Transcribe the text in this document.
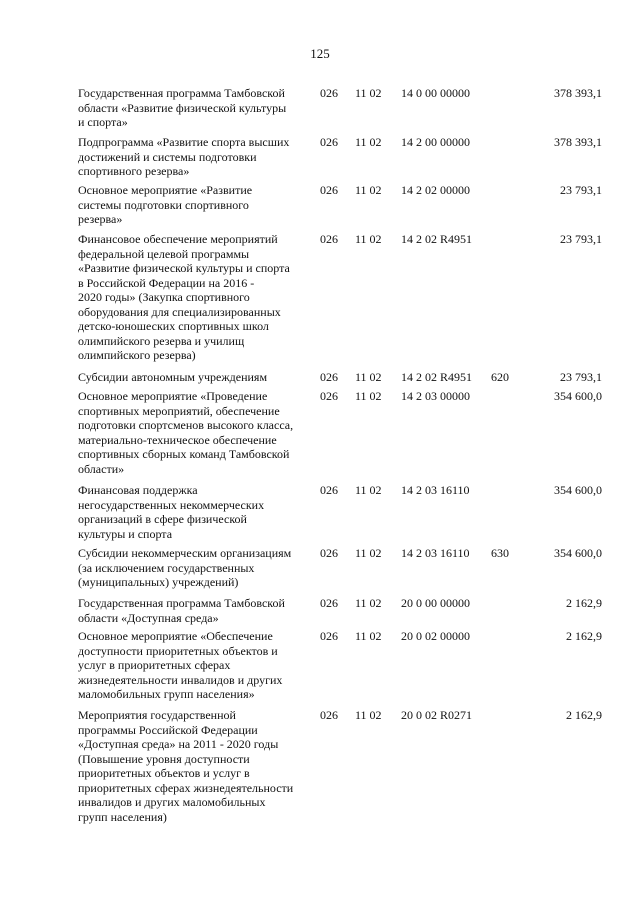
125
Государственная программа Тамбовской
области «Развитие физической культуры
и спорта»
026 11 02 14 0 00 00000	378 393,1
Подпрограмма «Развитие спорта высших
достижений и системы подготовки
спортивного резерва»
026 11 02 14 2 00 00000	378 393,1
Основное мероприятие «Развитие
системы подготовки спортивного
резерва»
026 11 02 14 2 02 00000	23 793,1
Финансовое обеспечение мероприятий
федеральной целевой программы
«Развитие физической культуры и спорта
в Российской Федерации на 2016 -
2020 годы» (Закупка спортивного
оборудования для специализированных
детско-юношеских спортивных школ
олимпийского резерва и училищ
олимпийского резерва)
026 11 02 14 2 02 R4951	23 793,1
Субсидии автономным учреждениям	026 11 02 14 2 02 R4951 620	23 793,1
Основное мероприятие «Проведение
спортивных мероприятий, обеспечение
подготовки спортсменов высокого класса,
материально-техническое обеспечение
спортивных сборных команд Тамбовской
области»
026 11 02 14 2 03 00000	354 600,0
Финансовая поддержка
негосударственных некоммерческих
организаций в сфере физической
культуры и спорта
026 11 02 14 2 03 16110	354 600,0
Субсидии некоммерческим организациям
(за исключением государственных
(муниципальных) учреждений)
026 11 02 14 2 03 16110 630	354 600,0
Государственная программа Тамбовской
области «Доступная среда»
026 11 02 20 0 00 00000	2 162,9
Основное мероприятие «Обеспечение
доступности приоритетных объектов и
услуг в приоритетных сферах
жизнедеятельности инвалидов и других
маломобильных групп населения»
026 11 02 20 0 02 00000	2 162,9
Мероприятия государственной
программы Российской Федерации
«Доступная среда» на 2011 - 2020 годы
(Повышение уровня доступности
приоритетных объектов и услуг в
приоритетных сферах жизнедеятельности
инвалидов и других маломобильных
групп населения)
026 11 02 20 0 02 R0271	2 162,9
